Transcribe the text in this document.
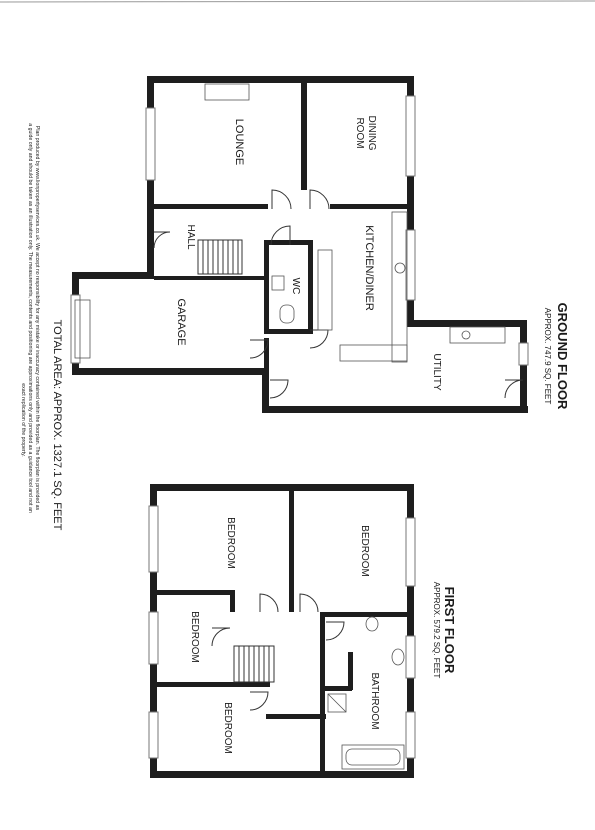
LOUNGE	DINING
ROOM
HALL	KITCHEN/DINER
WC
GARAGE
UTILITY	GROUND FLOOR
APPROX. 747.9 SQ. FEET
BEDROOM	BEDROOM
BEDROOM
BEDROOM	BATHROOM
FIRST FLOOR
APPROX. 579.2 SQ. FEET
TOTAL AREA: APPROX. 1327.1 SQ. FEET
Plan produced by www.lionpropertyservices.co.uk. We accept no responsibility for any mistake or inaccuracy contained within the floorplan. The floorplan is provided as
a guide only and should be taken as an illustration only. The measurements, contents and positioning are approximations only and provided as a guidance tool and not an
exact replication of the property.
